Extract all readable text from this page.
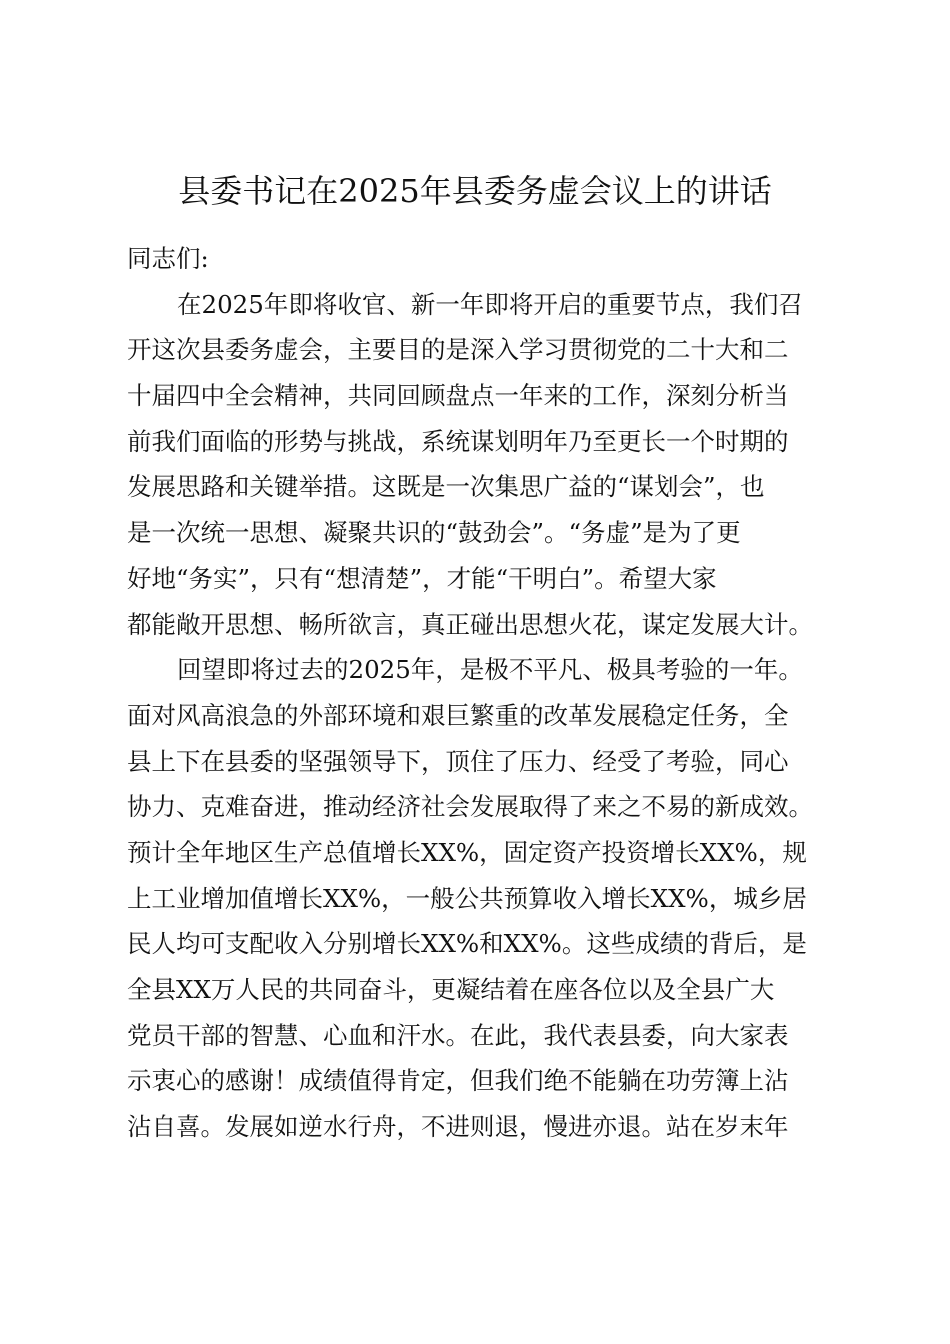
县委书记在2025年县委务虚会议上的讲话

同志们:

在2025年即将收官、新一年即将开启的重要节点，我们召

开这次县委务虚会，主要目的是深入学习贯彻党的二十大和二

十届四中全会精神，共同回顾盘点一年来的工作，深刻分析当

前我们面临的形势与挑战，系统谋划明年乃至更长一个时期的

发展思路和关键举措。这既是一次集思广益的“谋划会”，也

是一次统一思想、凝聚共识的“鼓劲会”。“务虚”是为了更

好地“务实”，只有“想清楚”，才能“干明白”。希望大家

都能敞开思想、畅所欲言，真正碰出思想火花，谋定发展大计。

回望即将过去的2025年，是极不平凡、极具考验的一年。

面对风高浪急的外部环境和艰巨繁重的改革发展稳定任务，全

县上下在县委的坚强领导下，顶住了压力、经受了考验，同心

协力、克难奋进，推动经济社会发展取得了来之不易的新成效。

预计全年地区生产总值增长XX%，固定资产投资增长XX%，规

上工业增加值增长XX%，一般公共预算收入增长XX%，城乡居

民人均可支配收入分别增长XX%和XX%。这些成绩的背后，是

全县XX万人民的共同奋斗，更凝结着在座各位以及全县广大

党员干部的智慧、心血和汗水。在此，我代表县委，向大家表

示衷心的感谢！成绩值得肯定，但我们绝不能躺在功劳簿上沾

沾自喜。发展如逆水行舟，不进则退，慢进亦退。站在岁末年
